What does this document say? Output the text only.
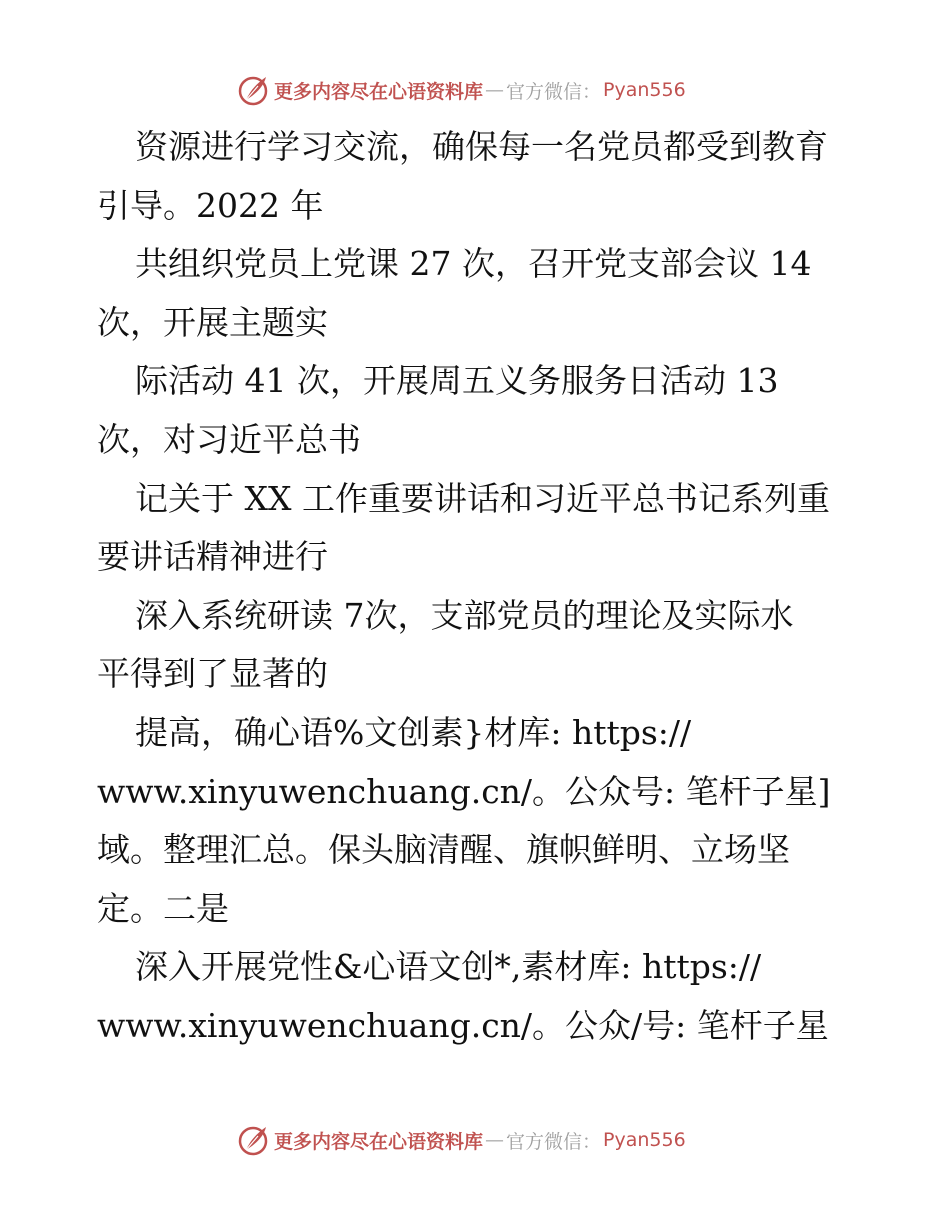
更多内容尽在心语资料库 — 官方微信： Pyan556
资源进行学习交流，确保每一名党员都受到教育
引导。2022 年
共组织党员上党课 27 次，召开党支部会议 14
次，开展主题实
际活动 41 次，开展周五义务服务日活动 13
次，对习近平总书
记关于 XX 工作重要讲话和习近平总书记系列重
要讲话精神进行
深入系统研读 7次，支部党员的理论及实际水
平得到了显著的
提高，确心语%文创素}材库: https://
www.xinyuwenchuang.cn/。公众号: 笔杆子星]
域。整理汇总。保头脑清醒、旗帜鲜明、立场坚
定。二是
深入开展党性&心语文创*,素材库: https://
www.xinyuwenchuang.cn/。公众/号: 笔杆子星
更多内容尽在心语资料库 — 官方微信： Pyan556
